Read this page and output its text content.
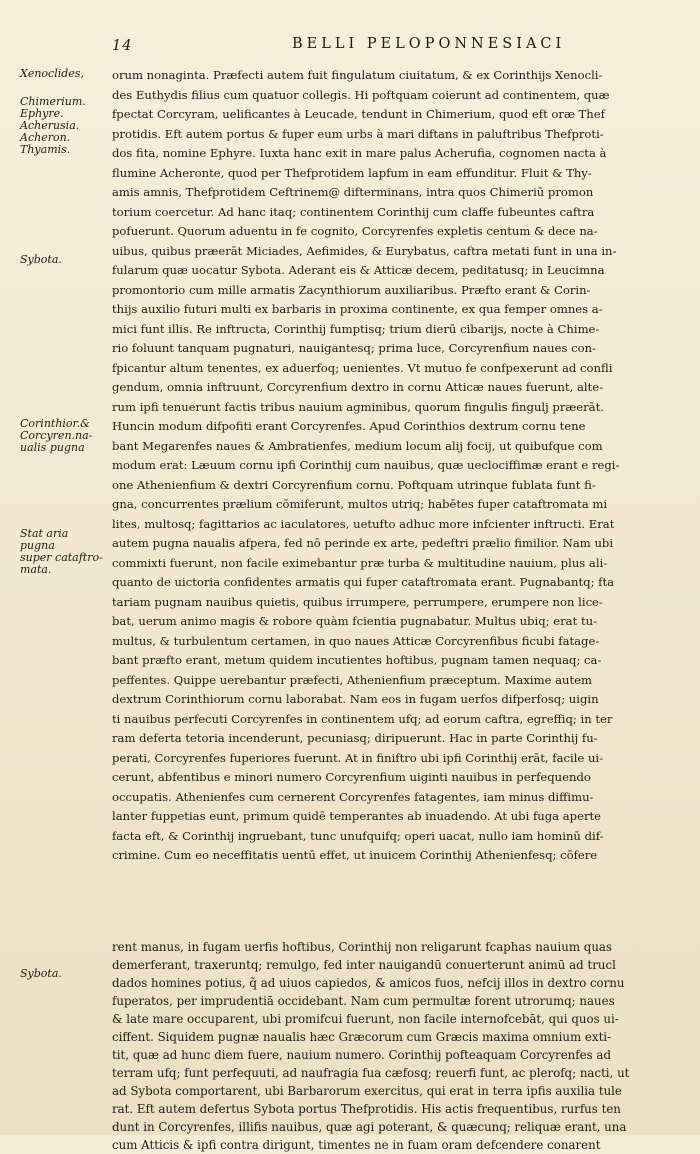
14	BELLI PELOPONNESIACI
Xenoclides,
Chimerium.
Ephyre.
Acherusia.
Acheron.
Thyamis.
Sybota.
Corinthior.&
Corcyren.na-
ualis pugna
Stat aria pugna
super cataftro-
mata.
Sybota.
orum nonaginta. Præfecti autem fuit fingulatum ciuitatum, & ex Corinthijs Xenocli-
des Euthydis filius cum quatuor collegis. Hi poftquam coierunt ad continentem, quæ
fpectat Corcyram, uelificantes à Leucade, tendunt in Chimerium, quod eft oræ Thef
protidis. Eft autem portus & fuper eum urbs à mari diftans in paluftribus Thefproti-
dos fita, nomine Ephyre. Iuxta hanc exit in mare palus Acherufia, cognomen nacta à
flumine Acheronte, quod per Thefprotidem lapfum in eam effunditur. Fluit & Thy-
amis amnis, Thefprotidem Ceftrinem@ difterminans, intra quos Chimeriū promon
torium coercetur. Ad hanc itaq; continentem Corinthij cum claffe fubeuntes caftra
pofuerunt. Quorum aduentu in fe cognito, Corcyrenfes expletis centum & dece na-
uibus, quibus præerāt Miciades, Aefimides, & Eurybatus, caftra metati funt in una in-
fularum quæ uocatur Sybota. Aderant eis & Atticæ decem, peditatusq; in Leucimna
promontorio cum mille armatis Zacynthiorum auxiliaribus. Præfto erant & Corin-
thijs auxilio futuri multi ex barbaris in proxima continente, ex qua femper omnes a-
mici funt illis. Re inftructa, Corinthij fumptisq; trium dierū cibarijs, nocte à Chime-
rio foluunt tanquam pugnaturi, nauigantesq; prima luce, Corcyrenfium naues con-
fpicantur altum tenentes, ex aduerfoq; uenientes. Vt mutuo fe confpexerunt ad confli
gendum, omnia inftruunt, Corcyrenfium dextro in cornu Atticæ naues fuerunt, alte-
rum ipfi tenuerunt factis tribus nauium agminibus, quorum fingulis fingulj præerāt.
Huncin modum difpofiti erant Corcyrenfes. Apud Corinthios dextrum cornu tene
bant Megarenfes naues & Ambratienfes, medium locum alij focij, ut quibufque com
modum erat: Læuum cornu ipfi Corinthij cum nauibus, quæ ueclociffimæ erant e regi-
one Athenienfium & dextri Corcyrenfium cornu. Poftquam utrinque fublata funt fi-
gna, concurrentes prælium cōmiferunt, multos utriq; habētes fuper cataftromata mi
lites, multosq; fagittarios ac iaculatores, uetufto adhuc more infcienter inftructi. Erat
autem pugna naualis afpera, fed nō perinde ex arte, pedeftri prælio fimilior. Nam ubi
commixti fuerunt, non facile eximebantur præ turba & multitudine nauium, plus ali-
quanto de uictoria confidentes armatis qui fuper cataftromata erant. Pugnabantq; fta
tariam pugnam nauibus quietis, quibus irrumpere, perrumpere, erumpere non lice-
bat, uerum animo magis & robore quàm fcientia pugnabatur. Multus ubiq; erat tu-
multus, & turbulentum certamen, in quo naues Atticæ Corcyrenfibus ficubi fatage-
bant præfto erant, metum quidem incutientes hoftibus, pugnam tamen nequaq; ca-
peffentes. Quippe uerebantur præfecti, Athenienfium præceptum. Maxime autem
dextrum Corinthiorum cornu laborabat. Nam eos in fugam uerfos difperfosq; uigin
ti nauibus perfecuti Corcyrenfes in continentem ufq; ad eorum caftra, egreffiq; in ter
ram deferta tetoria incenderunt, pecuniasq; diripuerunt. Hac in parte Corinthij fu-
perati, Corcyrenfes fuperiores fuerunt. At in finiftro ubi ipfi Corinthij erāt, facile ui-
cerunt, abfentibus e minori numero Corcyrenfium uiginti nauibus in perfequendo
occupatis. Athenienfes cum cernerent Corcyrenfes fatagentes, iam minus diffimu-
lanter fuppetias eunt, primum quidē temperantes ab inuadendo. At ubi fuga aperte
facta eft, & Corinthij ingruebant, tunc unufquifq; operi uacat, nullo iam hominū dif-
crimine. Cum eo neceffitatis uentū effet, ut inuicem Corinthij Athenienfesq; cōfere
rent manus, in fugam uerfis hoftibus, Corinthij non religarunt fcaphas nauium quas
demerferant, traxeruntq; remulgo, fed inter nauigandū conuerterunt animū ad trucl
dados homines potius, q̃ ad uiuos capiedos, & amicos fuos, nefcij illos in dextro cornu
fuperatos, per imprudentiā occidebant. Nam cum permultæ forent utrorumq; naues
& late mare occuparent, ubi promifcui fuerunt, non facile internofcebāt, qui quos ui-
ciffent. Siquidem pugnæ naualis hæc Græcorum cum Græcis maxima omnium exti-
tit, quæ ad hunc diem fuere, nauium numero. Corinthij pofteaquam Corcyrenfes ad
terram ufq; funt perfequuti, ad naufragia fua cæfosq; reuerfi funt, ac plerofq; nacti, ut
ad Sybota comportarent, ubi Barbarorum exercitus, qui erat in terra ipfis auxilia tule
rat. Eft autem defertus Sybota portus Thefprotidis. His actis frequentibus, rurfus ten
dunt in Corcyrenfes, illifis nauibus, quæ agi poterant, & quæcunq; reliquæ erant, una
cum Atticis & ipfi contra dirigunt, timentes ne in fuam oram defcendere conarent
